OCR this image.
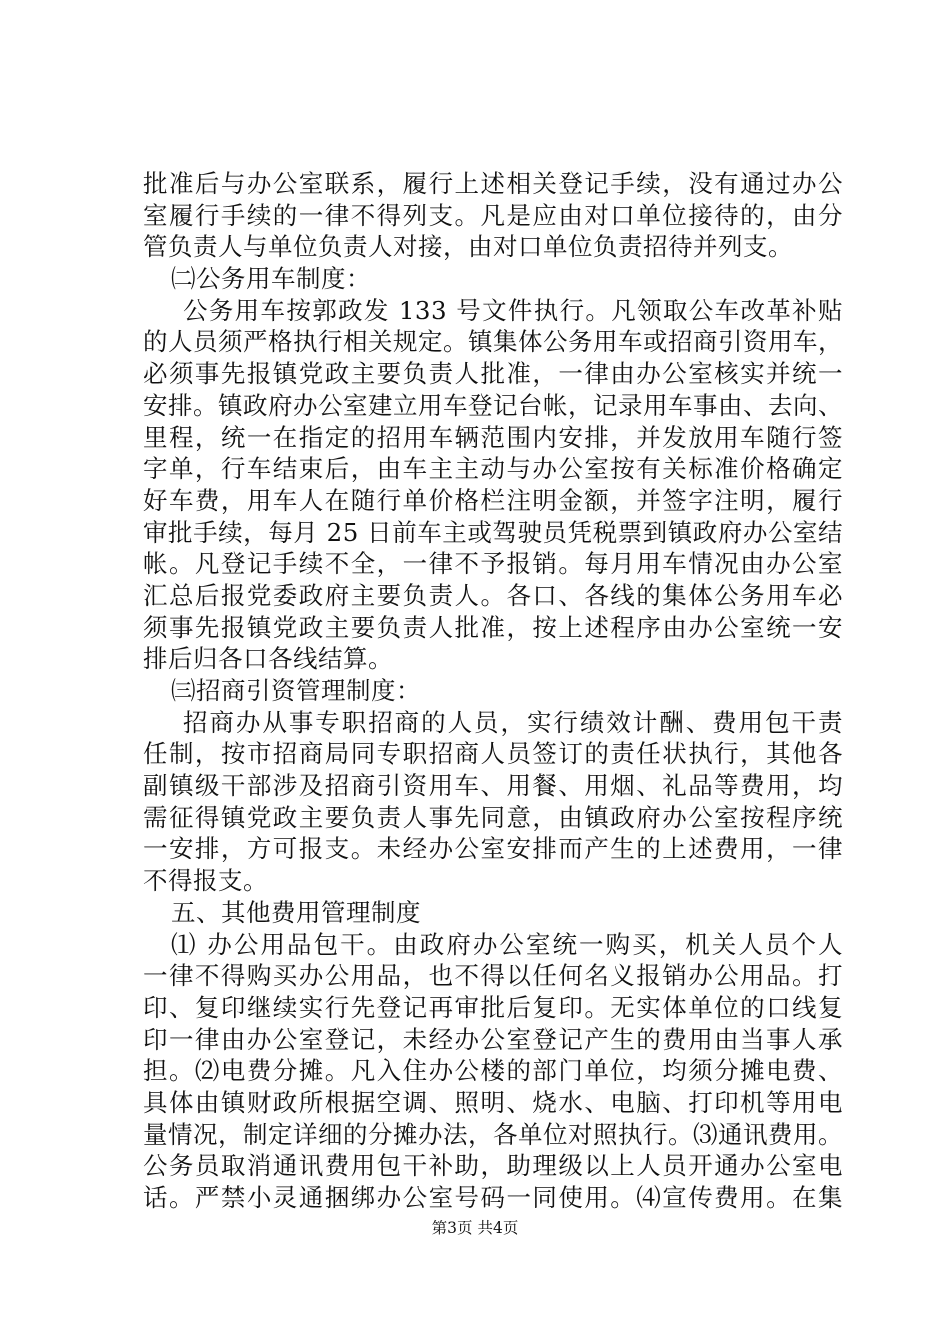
批准后与办公室联系，履行上述相关登记手续，没有通过办公
室履行手续的一律不得列支。凡是应由对口单位接待的，由分
管负责人与单位负责人对接，由对口单位负责招待并列支。
㈡公务用车制度：
公务用车按郭政发 133 号文件执行。凡领取公车改革补贴
的人员须严格执行相关规定。镇集体公务用车或招商引资用车，
必须事先报镇党政主要负责人批准，一律由办公室核实并统一
安排。镇政府办公室建立用车登记台帐，记录用车事由、去向、
里程，统一在指定的招用车辆范围内安排，并发放用车随行签
字单，行车结束后，由车主主动与办公室按有关标准价格确定
好车费，用车人在随行单价格栏注明金额，并签字注明，履行
审批手续，每月 25 日前车主或驾驶员凭税票到镇政府办公室结
帐。凡登记手续不全，一律不予报销。每月用车情况由办公室
汇总后报党委政府主要负责人。各口、各线的集体公务用车必
须事先报镇党政主要负责人批准，按上述程序由办公室统一安
排后归各口各线结算。
㈢招商引资管理制度：
招商办从事专职招商的人员，实行绩效计酬、费用包干责
任制，按市招商局同专职招商人员签订的责任状执行，其他各
副镇级干部涉及招商引资用车、用餐、用烟、礼品等费用，均
需征得镇党政主要负责人事先同意，由镇政府办公室按程序统
一安排，方可报支。未经办公室安排而产生的上述费用，一律
不得报支。
五、其他费用管理制度
⑴ 办公用品包干。由政府办公室统一购买，机关人员个人
一律不得购买办公用品，也不得以任何名义报销办公用品。打
印、复印继续实行先登记再审批后复印。无实体单位的口线复
印一律由办公室登记，未经办公室登记产生的费用由当事人承
担。⑵电费分摊。凡入住办公楼的部门单位，均须分摊电费、
具体由镇财政所根据空调、照明、烧水、电脑、打印机等用电
量情况，制定详细的分摊办法，各单位对照执行。⑶通讯费用。
公务员取消通讯费用包干补助，助理级以上人员开通办公室电
话。严禁小灵通捆绑办公室号码一同使用。⑷宣传费用。在集
第3页 共4页
